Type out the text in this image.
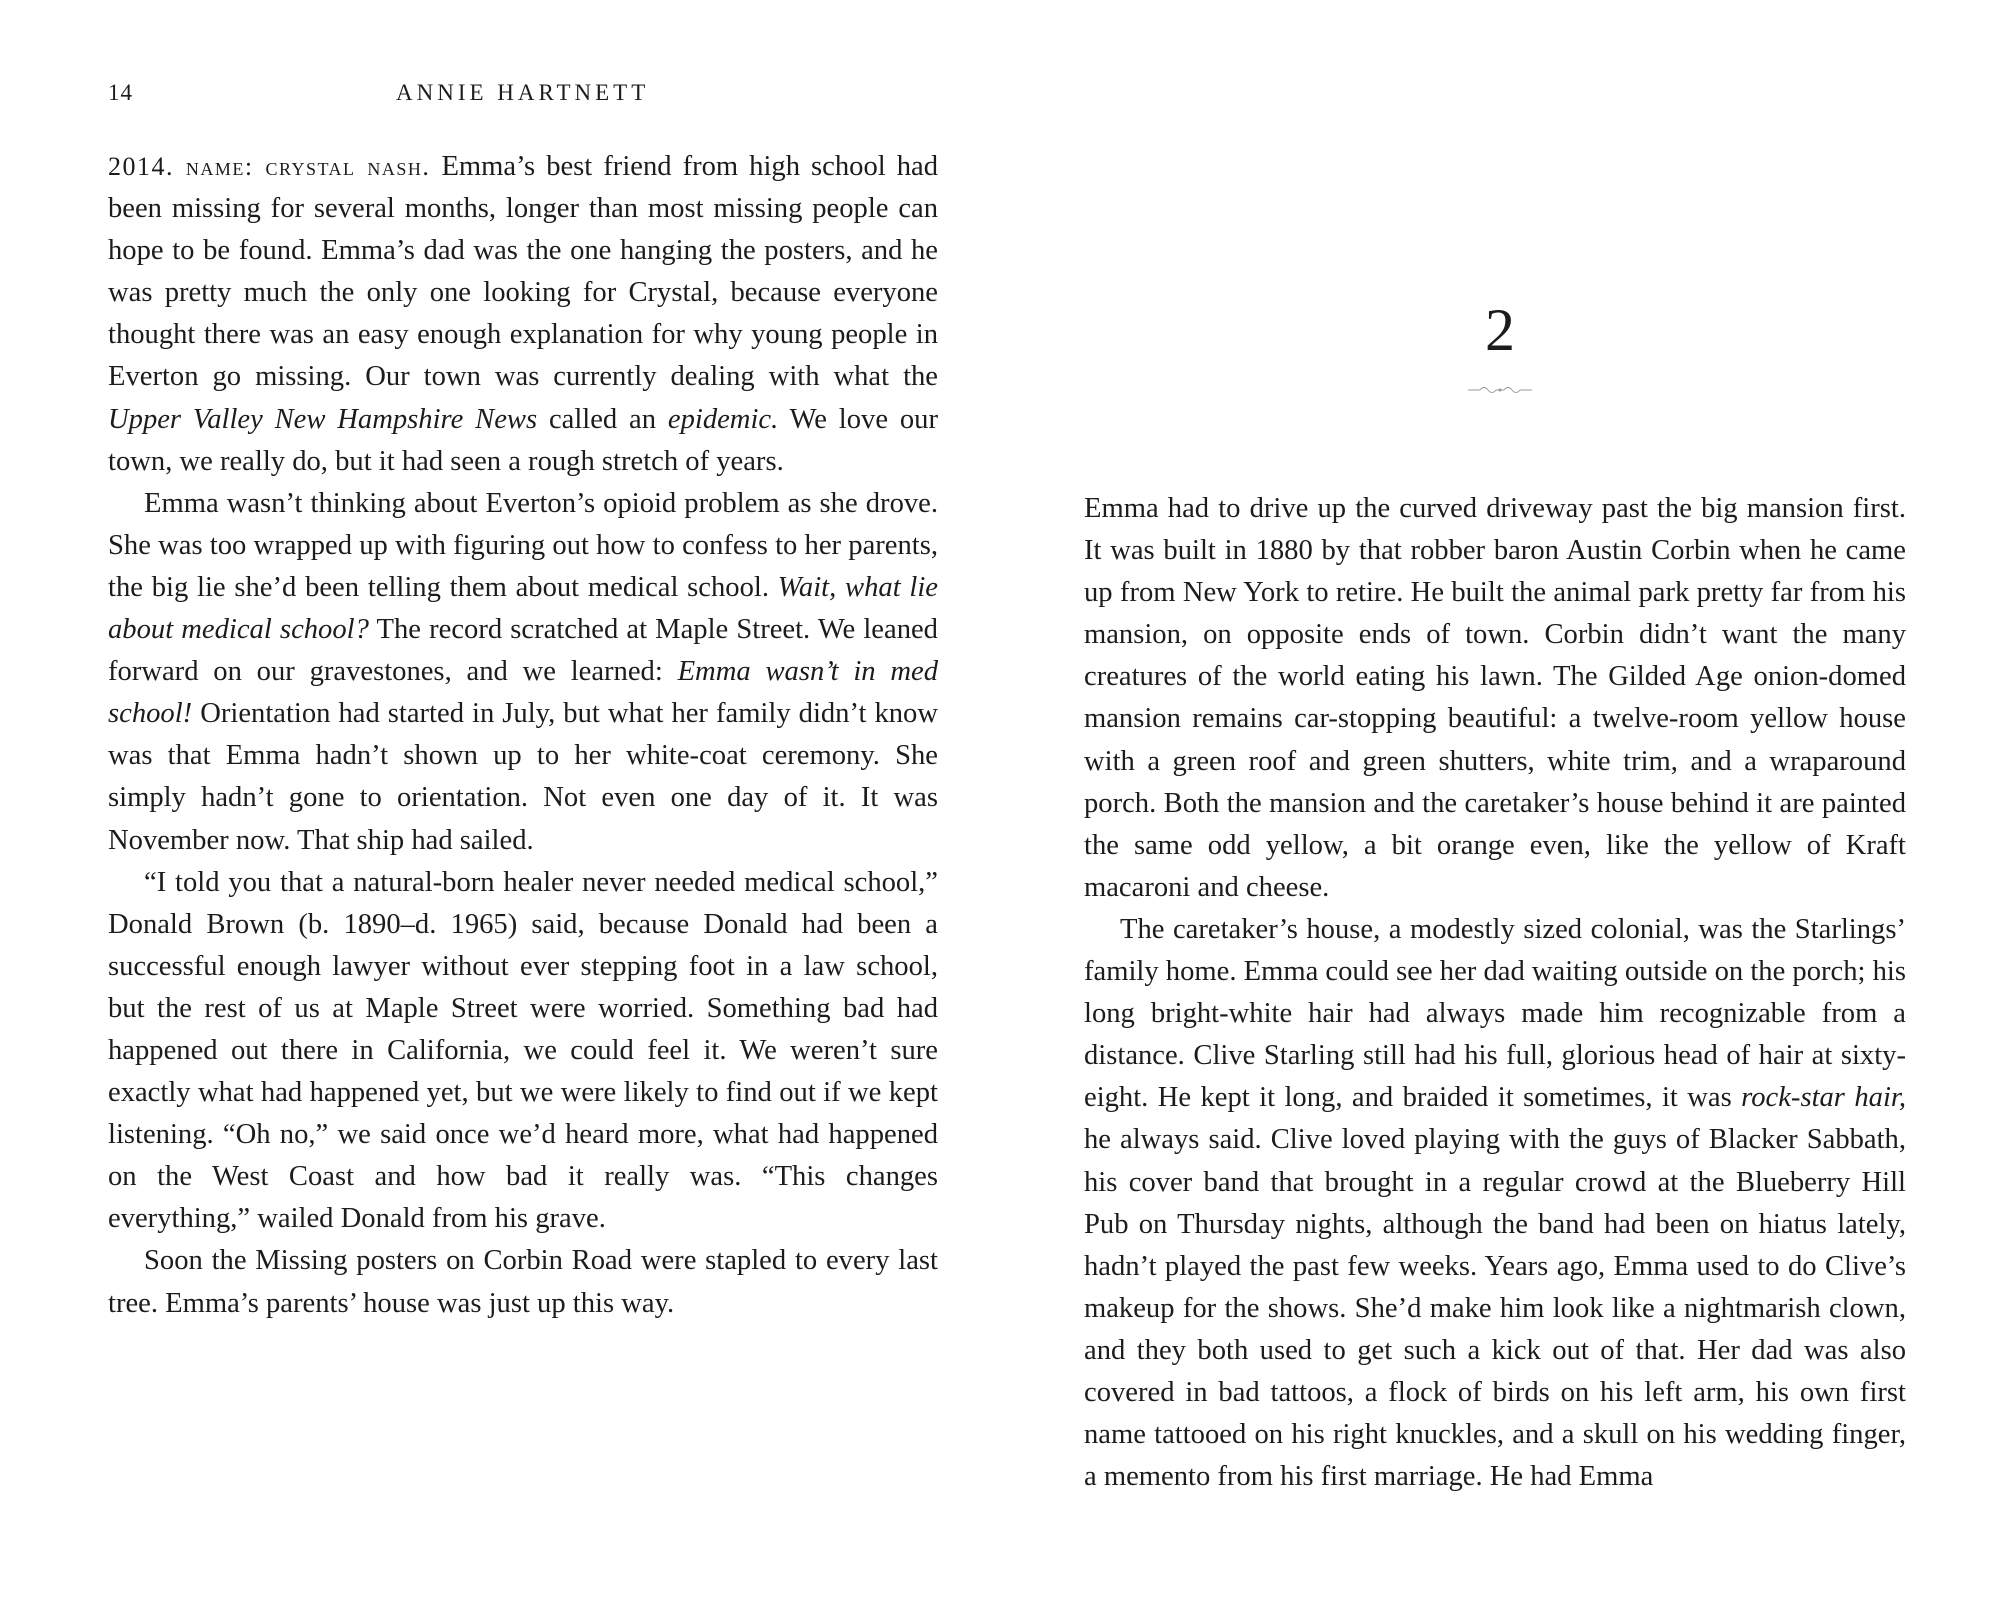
14	ANNIE HARTNETT

2014. name: crystal nash. Emma’s best friend from high school had been missing for several months, longer than most missing people can hope to be found. Emma’s dad was the one hanging the posters, and he was pretty much the only one looking for Crystal, because everyone thought there was an easy enough explanation for why young people in Everton go missing. Our town was currently dealing with what the Upper Valley New Hampshire News called an epidemic. We love our town, we really do, but it had seen a rough stretch of years.

Emma wasn’t thinking about Everton’s opioid problem as she drove. She was too wrapped up with figuring out how to confess to her parents, the big lie she’d been telling them about medical school. Wait, what lie about medical school? The record scratched at Maple Street. We leaned forward on our gravestones, and we learned: Emma wasn’t in med school! Orientation had started in July, but what her family didn’t know was that Emma hadn’t shown up to her white-coat ceremony. She simply hadn’t gone to orientation. Not even one day of it. It was November now. That ship had sailed.

“I told you that a natural-born healer never needed medical school,” Donald Brown (b. 1890–d. 1965) said, because Donald had been a successful enough lawyer without ever stepping foot in a law school, but the rest of us at Maple Street were worried. Something bad had happened out there in California, we could feel it. We weren’t sure exactly what had happened yet, but we were likely to find out if we kept listening. “Oh no,” we said once we’d heard more, what had happened on the West Coast and how bad it really was. “This changes everything,” wailed Donald from his grave.

Soon the Missing posters on Corbin Road were stapled to every last tree. Emma’s parents’ house was just up this way.

2

Emma had to drive up the curved driveway past the big mansion first. It was built in 1880 by that robber baron Austin Corbin when he came up from New York to retire. He built the animal park pretty far from his mansion, on opposite ends of town. Corbin didn’t want the many creatures of the world eating his lawn. The Gilded Age onion-domed mansion remains car-stopping beautiful: a twelve-room yellow house with a green roof and green shutters, white trim, and a wraparound porch. Both the mansion and the caretaker’s house behind it are painted the same odd yellow, a bit orange even, like the yellow of Kraft macaroni and cheese.

The caretaker’s house, a modestly sized colonial, was the Starlings’ family home. Emma could see her dad waiting outside on the porch; his long bright-white hair had always made him recognizable from a distance. Clive Starling still had his full, glorious head of hair at sixty-eight. He kept it long, and braided it sometimes, it was rock-star hair, he always said. Clive loved playing with the guys of Blacker Sabbath, his cover band that brought in a regular crowd at the Blueberry Hill Pub on Thursday nights, although the band had been on hiatus lately, hadn’t played the past few weeks. Years ago, Emma used to do Clive’s makeup for the shows. She’d make him look like a nightmarish clown, and they both used to get such a kick out of that. Her dad was also covered in bad tattoos, a flock of birds on his left arm, his own first name tattooed on his right knuckles, and a skull on his wedding finger, a memento from his first marriage. He had Emma
